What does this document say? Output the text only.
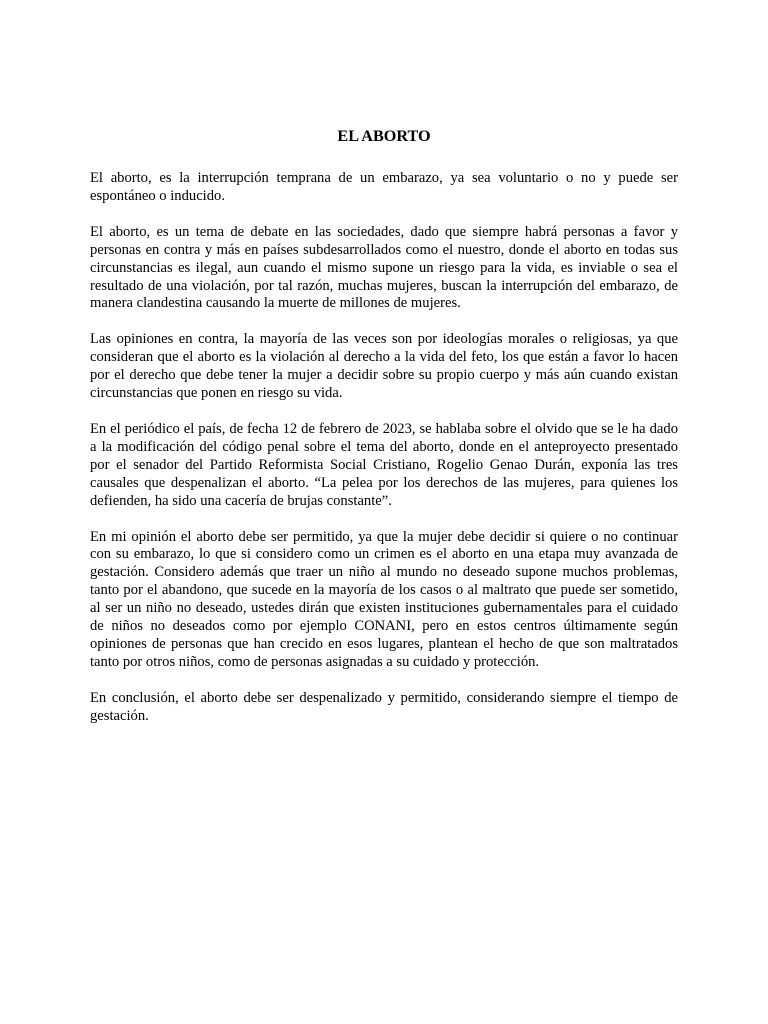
EL ABORTO

El aborto, es la interrupción temprana de un embarazo, ya sea voluntario o no y puede ser espontáneo o inducido.

El aborto, es un tema de debate en las sociedades, dado que siempre habrá personas a favor y personas en contra y más en países subdesarrollados como el nuestro, donde el aborto en todas sus circunstancias es ilegal, aun cuando el mismo supone un riesgo para la vida, es inviable o sea el resultado de una violación, por tal razón, muchas mujeres, buscan la interrupción del embarazo, de manera clandestina causando la muerte de millones de mujeres.

Las opiniones en contra, la mayoría de las veces son por ideologías morales o religiosas, ya que consideran que el aborto es la violación al derecho a la vida del feto, los que están a favor lo hacen por el derecho que debe tener la mujer a decidir sobre su propio cuerpo y más aún cuando existan circunstancias que ponen en riesgo su vida.

En el periódico el país, de fecha 12 de febrero de 2023, se hablaba sobre el olvido que se le ha dado a la modificación del código penal sobre el tema del aborto, donde en el anteproyecto presentado por el senador del Partido Reformista Social Cristiano, Rogelio Genao Durán, exponía las tres causales que despenalizan el aborto. “La pelea por los derechos de las mujeres, para quienes los defienden, ha sido una cacería de brujas constante”.

En mi opinión el aborto debe ser permitido, ya que la mujer debe decidir si quiere o no continuar con su embarazo, lo que si considero como un crimen es el aborto en una etapa muy avanzada de gestación. Considero además que traer un niño al mundo no deseado supone muchos problemas, tanto por el abandono, que sucede en la mayoría de los casos o al maltrato que puede ser sometido, al ser un niño no deseado, ustedes dirán que existen instituciones gubernamentales para el cuidado de niños no deseados como por ejemplo CONANI, pero en estos centros últimamente según opiniones de personas que han crecido en esos lugares, plantean el hecho de que son maltratados tanto por otros niños, como de personas asignadas a su cuidado y protección.

En conclusión, el aborto debe ser despenalizado y permitido, considerando siempre el tiempo de gestación.
